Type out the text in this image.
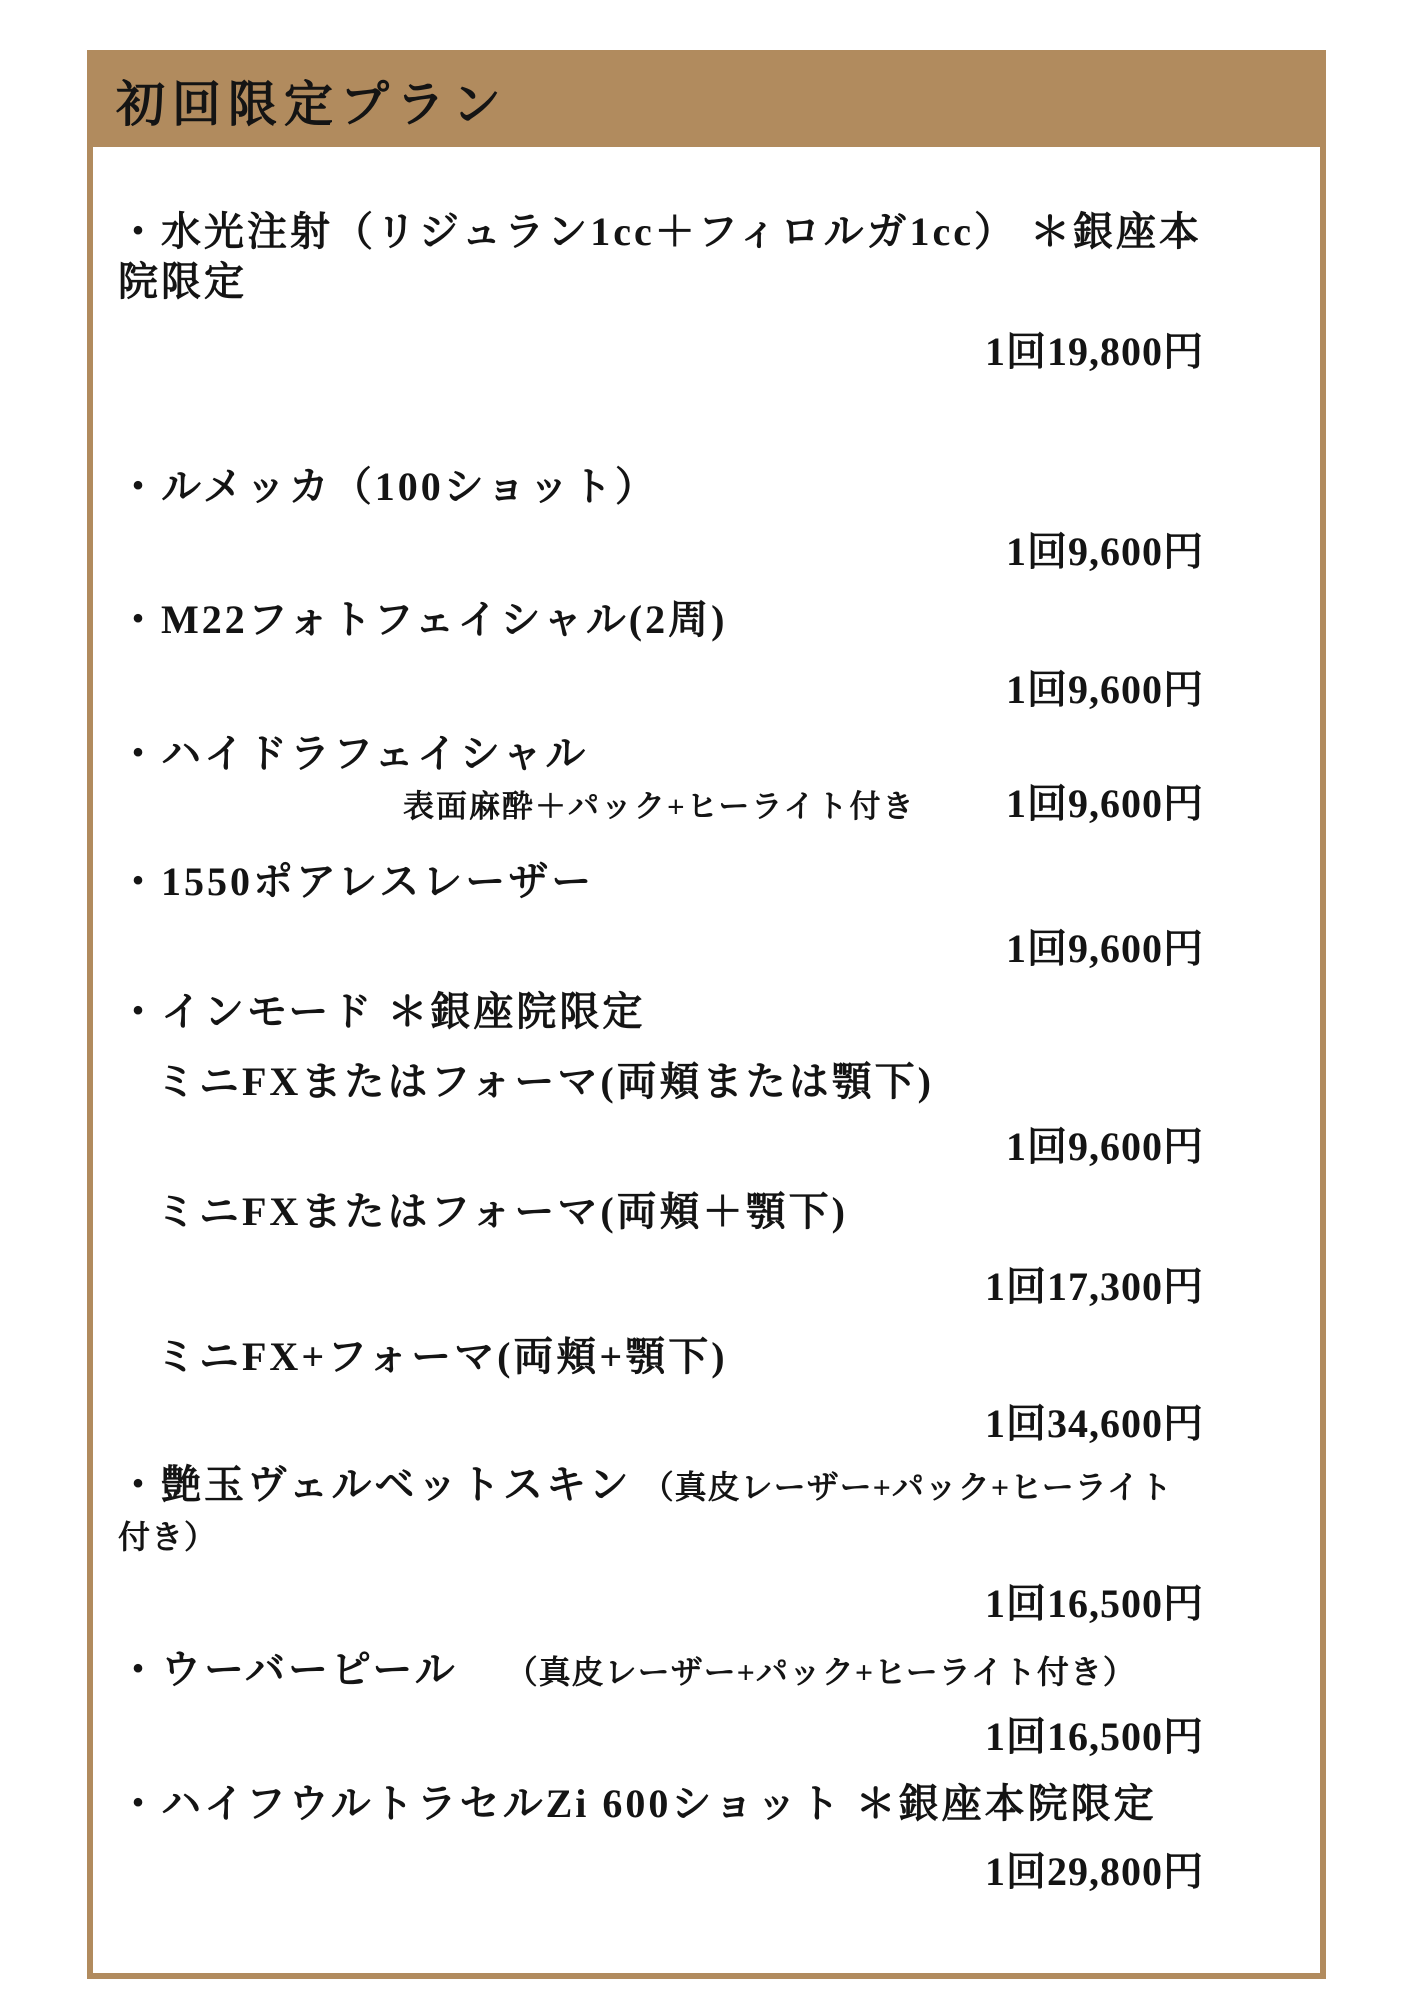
初回限定プラン
・水光注射（リジュラン1cc＋フィロルガ1cc） ＊銀座本院限定
1回19,800円
・ルメッカ（100ショット）
1回9,600円
・M22フォトフェイシャル(2周)
1回9,600円
・ハイドラフェイシャル
表面麻酔＋パック+ヒーライト付き 1回9,600円
・1550ポアレスレーザー
1回9,600円
・インモード ＊銀座院限定
ミニFXまたはフォーマ(両頬または顎下)
1回9,600円
ミニFXまたはフォーマ(両頬＋顎下)
1回17,300円
ミニFX+フォーマ(両頬+顎下)
1回34,600円
・艶玉ヴェルベットスキン （真皮レーザー+パック+ヒーライト付き）
1回16,500円
・ウーバーピール （真皮レーザー+パック+ヒーライト付き）
1回16,500円
・ハイフウルトラセルZi 600ショット ＊銀座本院限定
1回29,800円
